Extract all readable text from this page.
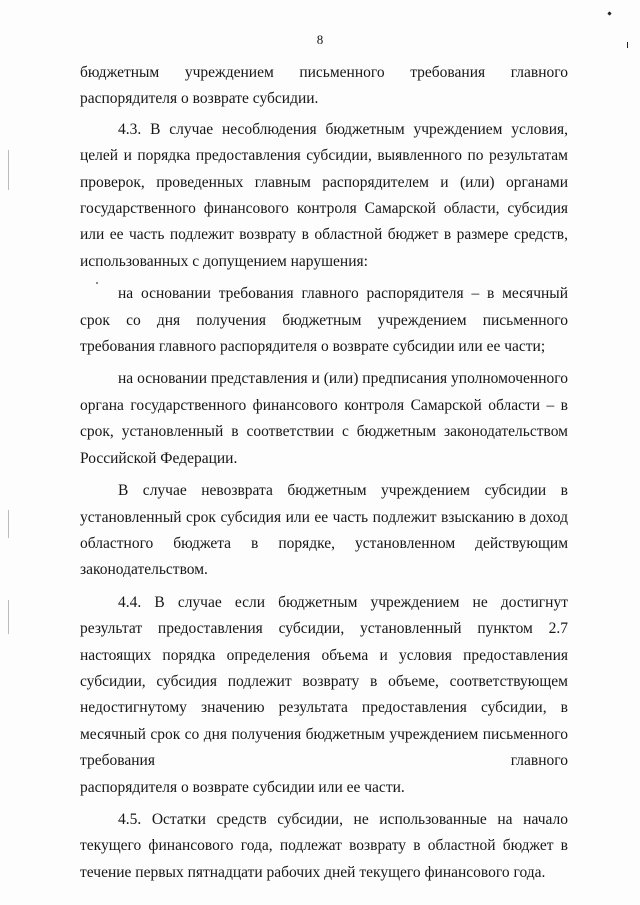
8
бюджетным учреждением письменного требования главного
распорядителя о возврате субсидии.
4.3. В случае несоблюдения бюджетным учреждением условия, целей и порядка предоставления субсидии, выявленного по результатам проверок, проведенных главным распорядителем и (или) органами государственного финансового контроля Самарской области, субсидия или ее часть подлежит возврату в областной бюджет в размере средств, использованных с допущением нарушения:
на основании требования главного распорядителя – в месячный срок со дня получения бюджетным учреждением письменного требования главного распорядителя о возврате субсидии или ее части;
на основании представления и (или) предписания уполномоченного органа государственного финансового контроля Самарской области – в срок, установленный в соответствии с бюджетным законодательством Российской Федерации.
В случае невозврата бюджетным учреждением субсидии в установленный срок субсидия или ее часть подлежит взысканию в доход областного бюджета в порядке, установленном действующим
законодательством.
4.4. В случае если бюджетным учреждением не достигнут результат предоставления субсидии, установленный пунктом 2.7 настоящих порядка определения объема и условия предоставления субсидии, субсидия подлежит возврату в объеме, соответствующем недостигнутому значению результата предоставления субсидии, в месячный срок со дня получения бюджетным учреждением письменного требования главного
распорядителя о возврате субсидии или ее части.
4.5. Остатки средств субсидии, не использованные на начало текущего финансового года, подлежат возврату в областной бюджет в течение первых пятнадцати рабочих дней текущего финансового года.
